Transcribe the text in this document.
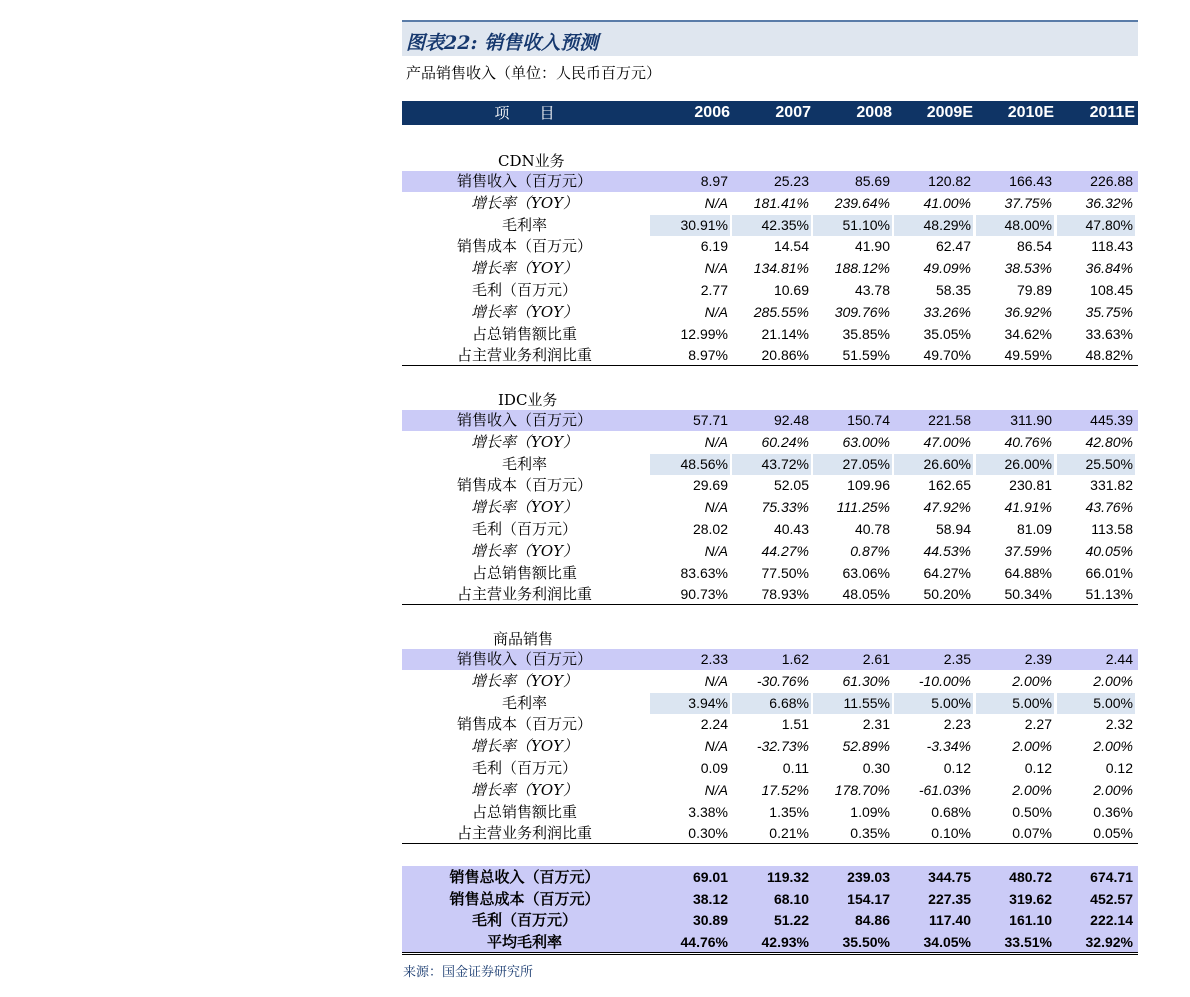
图表22: 销售收入预测
产品销售收入（单位：人民币百万元）
项　　目	2006	2007	2008	2009E	2010E	2011E
CDN业务
销售收入（百万元）	8.97	25.23	85.69	120.82	166.43	226.88
增长率（YOY）	N/A	181.41%	239.64%	41.00%	37.75%	36.32%
毛利率	30.91%	42.35%	51.10%	48.29%	48.00%	47.80%
销售成本（百万元）	6.19	14.54	41.90	62.47	86.54	118.43
增长率（YOY）	N/A	134.81%	188.12%	49.09%	38.53%	36.84%
毛利（百万元）	2.77	10.69	43.78	58.35	79.89	108.45
增长率（YOY）	N/A	285.55%	309.76%	33.26%	36.92%	35.75%
占总销售额比重	12.99%	21.14%	35.85%	35.05%	34.62%	33.63%
占主营业务利润比重	8.97%	20.86%	51.59%	49.70%	49.59%	48.82%
IDC业务
销售收入（百万元）	57.71	92.48	150.74	221.58	311.90	445.39
增长率（YOY）	N/A	60.24%	63.00%	47.00%	40.76%	42.80%
毛利率	48.56%	43.72%	27.05%	26.60%	26.00%	25.50%
销售成本（百万元）	29.69	52.05	109.96	162.65	230.81	331.82
增长率（YOY）	N/A	75.33%	111.25%	47.92%	41.91%	43.76%
毛利（百万元）	28.02	40.43	40.78	58.94	81.09	113.58
增长率（YOY）	N/A	44.27%	0.87%	44.53%	37.59%	40.05%
占总销售额比重	83.63%	77.50%	63.06%	64.27%	64.88%	66.01%
占主营业务利润比重	90.73%	78.93%	48.05%	50.20%	50.34%	51.13%
商品销售
销售收入（百万元）	2.33	1.62	2.61	2.35	2.39	2.44
增长率（YOY）	N/A	-30.76%	61.30%	-10.00%	2.00%	2.00%
毛利率	3.94%	6.68%	11.55%	5.00%	5.00%	5.00%
销售成本（百万元）	2.24	1.51	2.31	2.23	2.27	2.32
增长率（YOY）	N/A	-32.73%	52.89%	-3.34%	2.00%	2.00%
毛利（百万元）	0.09	0.11	0.30	0.12	0.12	0.12
增长率（YOY）	N/A	17.52%	178.70%	-61.03%	2.00%	2.00%
占总销售额比重	3.38%	1.35%	1.09%	0.68%	0.50%	0.36%
占主营业务利润比重	0.30%	0.21%	0.35%	0.10%	0.07%	0.05%
销售总收入（百万元）	69.01	119.32	239.03	344.75	480.72	674.71
销售总成本（百万元）	38.12	68.10	154.17	227.35	319.62	452.57
毛利（百万元）	30.89	51.22	84.86	117.40	161.10	222.14
平均毛利率	44.76%	42.93%	35.50%	34.05%	33.51%	32.92%
来源：国金证券研究所
